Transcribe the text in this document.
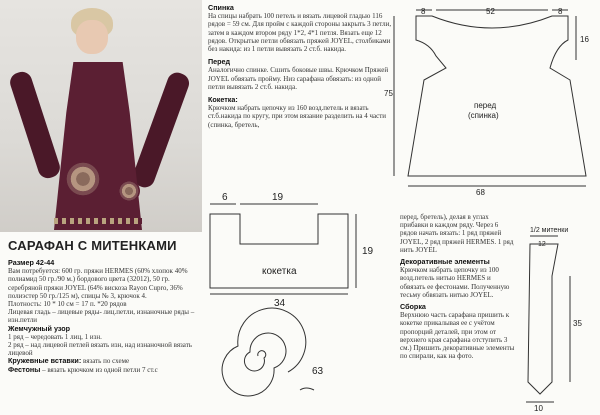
САРАФАН С МИТЕНКАМИ

Размер 42-44

Вам потребуется: 600 гр. пряжи HERMES (60% хлопок 40% полиамид 50 гр./90 м.) бордового цвета (32012), 50 гр. серебряной пряжи JOYEL (64% вискоза Rayon Cupro, 36% полиэстер 50 гр./125 м), спицы № 3, крючок 4.

Плотность: 10 * 10 см = 17 п. *20 рядов

Лицевая гладь – лицевые ряды- лиц.петли, изнаночные ряды – изн.петли

Жемчужный узор

1 ряд – чередовать 1 лиц, 1 изн.

2 ряд – над лицевой петлей вязать изн, над изнаночной вязать лицевой

Кружевные вставки: вязать по схеме

Фестоны – вязать крючком из одной петли 7 ст.с

Спинка

На спицы набрать 100 петель и вязать лицевой гладью 116 рядов = 59 см. Для пройм с каждой стороны закрыть 3 петли, затем в каждом втором ряду 1*2, 4*1 петля. Вязать еще 12 рядов. Открытые петли обвязать пряжей JOYEL, столбиками без накида: из 1 петли вывязать 2 ст.б. накида.

Перед

Аналогично спинке. Сшить боковые швы. Крючком Пряжей JOYEL обвязать пройму. Низ сарафана обвязать: из одной петли вывязать 2 ст.б. накида.

Кокетка:

Крючком набрать цепочку из 160 возд.петель и вязать ст.б.накида по кругу, при этом вязание разделить на 4 части (спинка, бретель,

перед, бретель), делая в углах прибавки в каждом ряду. Через 6 рядов начать вязать: 1 ряд пряжей JOYEL, 2 ряд пряжей HERMES. 1 ряд нить JOYEL

Декоративные элементы

Крючком набрать цепочку из 100 возд.петель нитью HERMES и обвязать ее фестонами. Полученную тесьму обвязать нитью JOYEL.

Сборка

Верхнюю часть сарафана пришить к кокетке прикалывая ее с учётом пропорций деталей, при этом от верхнего края сарафана отступить 3 см.) Пришить декоративные элементы по спирали, как на фото.

8	52	8
16
75
68
перед
(спинка)
6	19
19
34
кокетка
63
1/2 митенки
12
35
10
